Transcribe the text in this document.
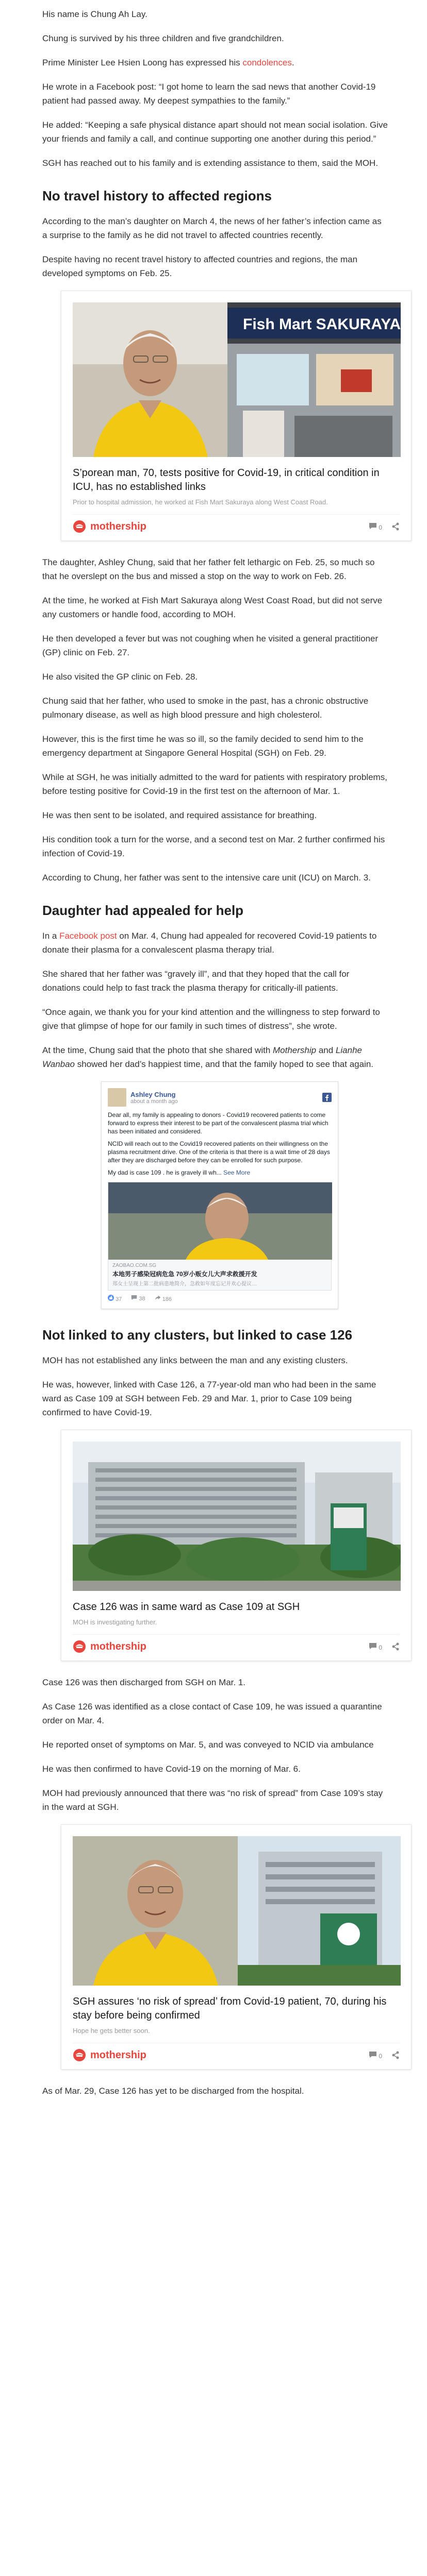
His name is Chung Ah Lay.

Chung is survived by his three children and five grandchildren.

Prime Minister Lee Hsien Loong has expressed his condolences.

He wrote in a Facebook post: “I got home to learn the sad news that another Covid-19 patient had passed away. My deepest sympathies to the family.”

He added: “Keeping a safe physical distance apart should not mean social isolation. Give your friends and family a call, and continue supporting one another during this period.”

SGH has reached out to his family and is extending assistance to them, said the MOH.

No travel history to affected regions

According to the man’s daughter on March 4, the news of her father’s infection came as a surprise to the family as he did not travel to affected countries recently.

Despite having no recent travel history to affected countries and regions, the man developed symptoms on Feb. 25.

Fish Mart SAKURAYA
S’porean man, 70, tests positive for Covid-19, in critical condition in ICU, has no established links
Prior to hospital admission, he worked at Fish Mart Sakuraya along West Coast Road.
mothership	0

The daughter, Ashley Chung, said that her father felt lethargic on Feb. 25, so much so that he overslept on the bus and missed a stop on the way to work on Feb. 26.

At the time, he worked at Fish Mart Sakuraya along West Coast Road, but did not serve any customers or handle food, according to MOH.

He then developed a fever but was not coughing when he visited a general practitioner (GP) clinic on Feb. 27.

He also visited the GP clinic on Feb. 28.

Chung said that her father, who used to smoke in the past, has a chronic obstructive pulmonary disease, as well as high blood pressure and high cholesterol.

However, this is the first time he was so ill, so the family decided to send him to the emergency department at Singapore General Hospital (SGH) on Feb. 29.

While at SGH, he was initially admitted to the ward for patients with respiratory problems, before testing positive for Covid-19 in the first test on the afternoon of Mar. 1.

He was then sent to be isolated, and required assistance for breathing.

His condition took a turn for the worse, and a second test on Mar. 2 further confirmed his infection of Covid-19.

According to Chung, her father was sent to the intensive care unit (ICU) on March. 3.

Daughter had appealed for help

In a Facebook post on Mar. 4, Chung had appealed for recovered Covid-19 patients to donate their plasma for a convalescent plasma therapy trial.

She shared that her father was “gravely ill”, and that they hoped that the call for donations could help to fast track the plasma therapy for critically-ill patients.

“Once again, we thank you for your kind attention and the willingness to step forward to give that glimpse of hope for our family in such times of distress”, she wrote.

At the time, Chung said that the photo that she shared with Mothership and Lianhe Wanbao showed her dad’s happiest time, and that the family hoped to see that again.

Ashley Chung
about a month ago
Dear all, my family is appealing to donors - Covid19 recovered patients to come forward to express their interest to be part of the convalescent plasma trial which has been initiated and considered.
NCID will reach out to the Covid19 recovered patients on their willingness on the plasma recruitment drive. One of the criteria is that there is a wait time of 28 days after they are discharged before they can be enrolled for such purpose.
My dad is case 109 . he is gravely ill wh... See More
ZAOBAO.COM.SG
本地男子感染冠病危急 70岁小贩女儿大声求救援开发
郑女士呈现上第二批病患地简介，急救如年度忘记并欢心提议…
37	38	186
Not linked to any clusters, but linked to case 126

MOH has not established any links between the man and any existing clusters.

He was, however, linked with Case 126, a 77-year-old man who had been in the same ward as Case 109 at SGH between Feb. 29 and Mar. 1, prior to Case 109 being confirmed to have Covid-19.

Case 126 was in same ward as Case 109 at SGH
MOH is investigating further.
mothership	0

Case 126 was then discharged from SGH on Mar. 1.

As Case 126 was identified as a close contact of Case 109, he was issued a quarantine order on Mar. 4.

He reported onset of symptoms on Mar. 5, and was conveyed to NCID via ambulance

He was then confirmed to have Covid-19 on the morning of Mar. 6.

MOH had previously announced that there was “no risk of spread” from Case 109’s stay in the ward at SGH.

SGH assures ‘no risk of spread’ from Covid-19 patient, 70, during his stay before being confirmed
Hope he gets better soon.
mothership	0

As of Mar. 29, Case 126 has yet to be discharged from the hospital.
